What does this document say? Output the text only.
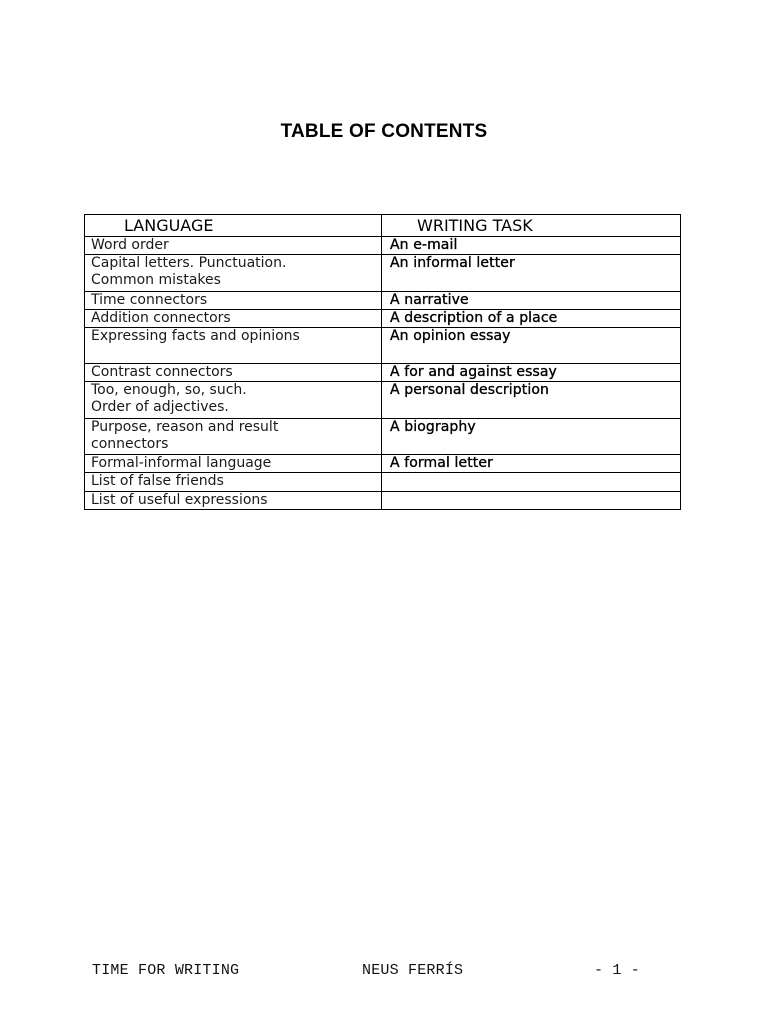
TABLE OF CONTENTS
LANGUAGE	WRITING TASK

Word order	An e-mail

Capital letters. Punctuation.
Common mistakes	An informal letter

Time connectors	A narrative

Addition connectors	A description of a place

Expressing facts and opinions	An opinion essay

Contrast connectors	A for and against essay

Too, enough, so, such.
Order of adjectives.	A personal description

Purpose, reason and result
connectors	A biography

Formal-informal language	A formal letter

List of false friends	

List of useful expressions	

TIME FOR WRITING	NEUS FERRÍS	- 1 -
